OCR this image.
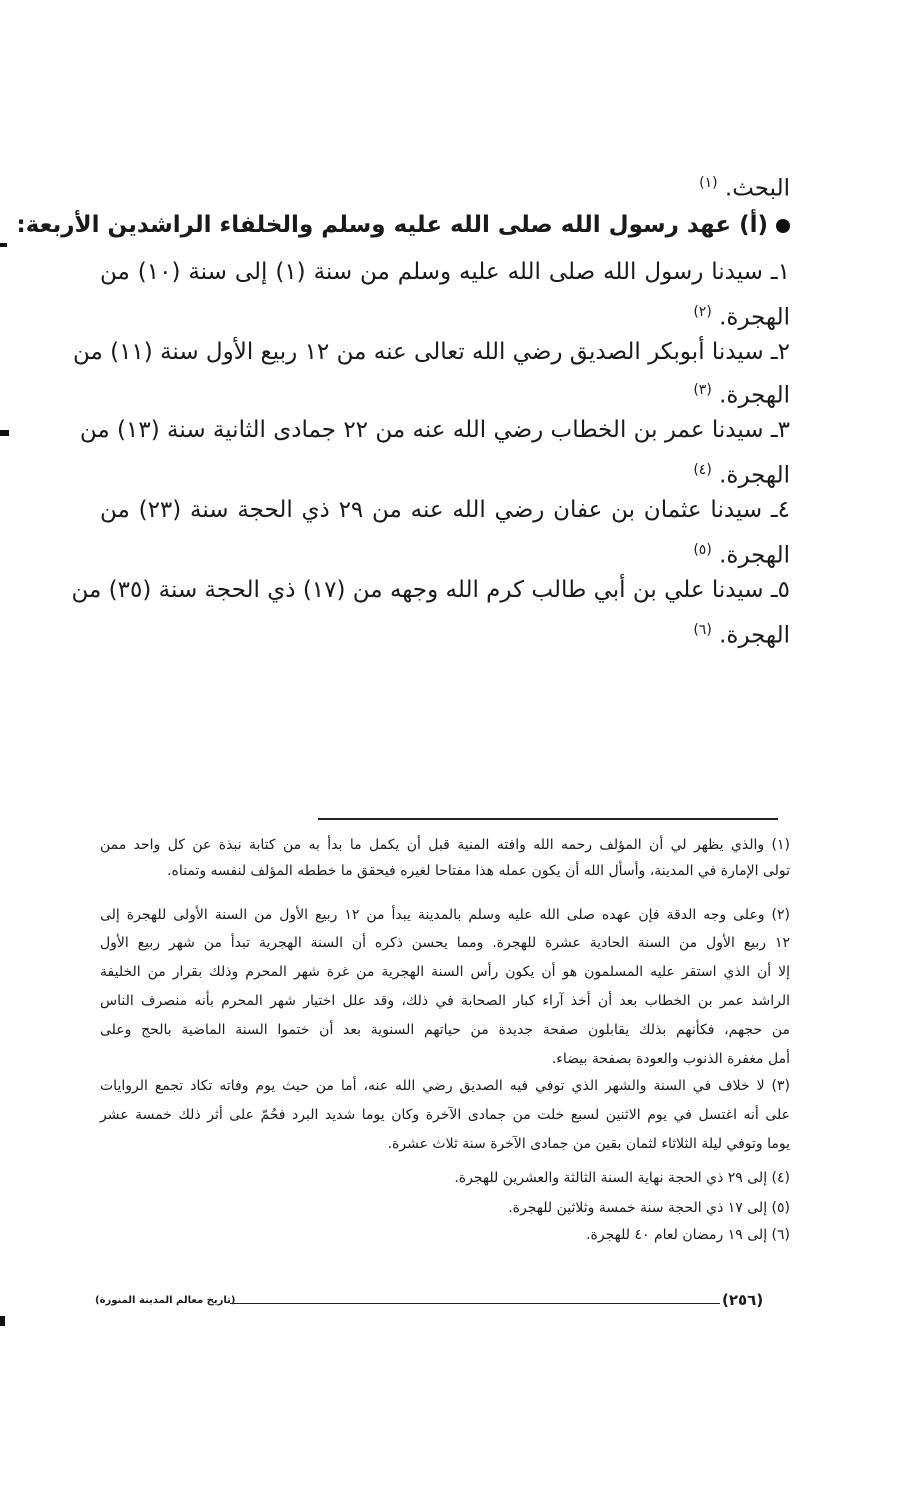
البحث. $^{(١)}$
(أ) عهد رسول الله صلى الله عليه وسلم والخلفاء الراشدين الأربعة:
١ـ سيدنا رسول الله صلى الله عليه وسلم من سنة (١) إلى سنة (١٠) من
الهجرة. $^{(٢)}$
٢ـ سيدنا أبوبكر الصديق رضي الله تعالى عنه من ١٢ ربيع الأول سنة (١١) من
الهجرة. $^{(٣)}$
٣ـ سيدنا عمر بن الخطاب رضي الله عنه من ٢٢ جمادى الثانية سنة (١٣) من
الهجرة. $^{(٤)}$
٤ـ سيدنا عثمان بن عفان رضي الله عنه من ٢٩ ذي الحجة سنة (٢٣) من
الهجرة. $^{(٥)}$
٥ـ سيدنا علي بن أبي طالب كرم الله وجهه من (١٧) ذي الحجة سنة (٣٥) من
الهجرة. $^{(٦)}$
(١) والذي يظهر لي أن المؤلف رحمه الله وافته المنية قبل أن يكمل ما بدأ به من كتابة نبذة عن كل واحد ممن
تولى الإمارة في المدينة، وأسأل الله أن يكون عمله هذا مفتاحا لغيره فيحقق ما خططه المؤلف لنفسه وتمناه.
(٢) وعلى وجه الدقة فإن عهده صلى الله عليه وسلم بالمدينة يبدأ من ١٢ ربيع الأول من السنة الأولى للهجرة إلى
١٢ ربيع الأول من السنة الحادية عشرة للهجرة. ومما يحسن ذكره أن السنة الهجرية تبدأ من شهر ربيع الأول
إلا أن الذي استقر عليه المسلمون هو أن يكون رأس السنة الهجرية من غرة شهر المحرم وذلك بقرار من الخليفة
الراشد عمر بن الخطاب بعد أن أخذ آراء كبار الصحابة في ذلك، وقد علل اختيار شهر المحرم بأنه منصرف الناس
من حجهم، فكأنهم بذلك يقابلون صفحة جديدة من حياتهم السنوية بعد أن ختموا السنة الماضية بالحج وعلى
أمل مغفرة الذنوب والعودة بصفحة بيضاء.
(٣) لا خلاف في السنة والشهر الذي توفي فيه الصديق رضي الله عنه، أما من حيث يوم وفاته تكاد تجمع الروايات
على أنه اغتسل في يوم الاثنين لسبع خلت من جمادى الآخرة وكان يوما شديد البرد فحُمّ على أثر ذلك خمسة عشر
يوما وتوفي ليلة الثلاثاء لثمان بقين من جمادى الآخرة سنة ثلاث عشرة.
(٤) إلى ٢٩ ذي الحجة نهاية السنة الثالثة والعشرين للهجرة.
(٥) إلى ١٧ ذي الحجة سنة خمسة وثلاثين للهجرة.
(٦) إلى ١٩ رمضان لعام ٤٠ للهجرة.
(تاريخ معالم المدينة المنورة)	(٢٥٦)
